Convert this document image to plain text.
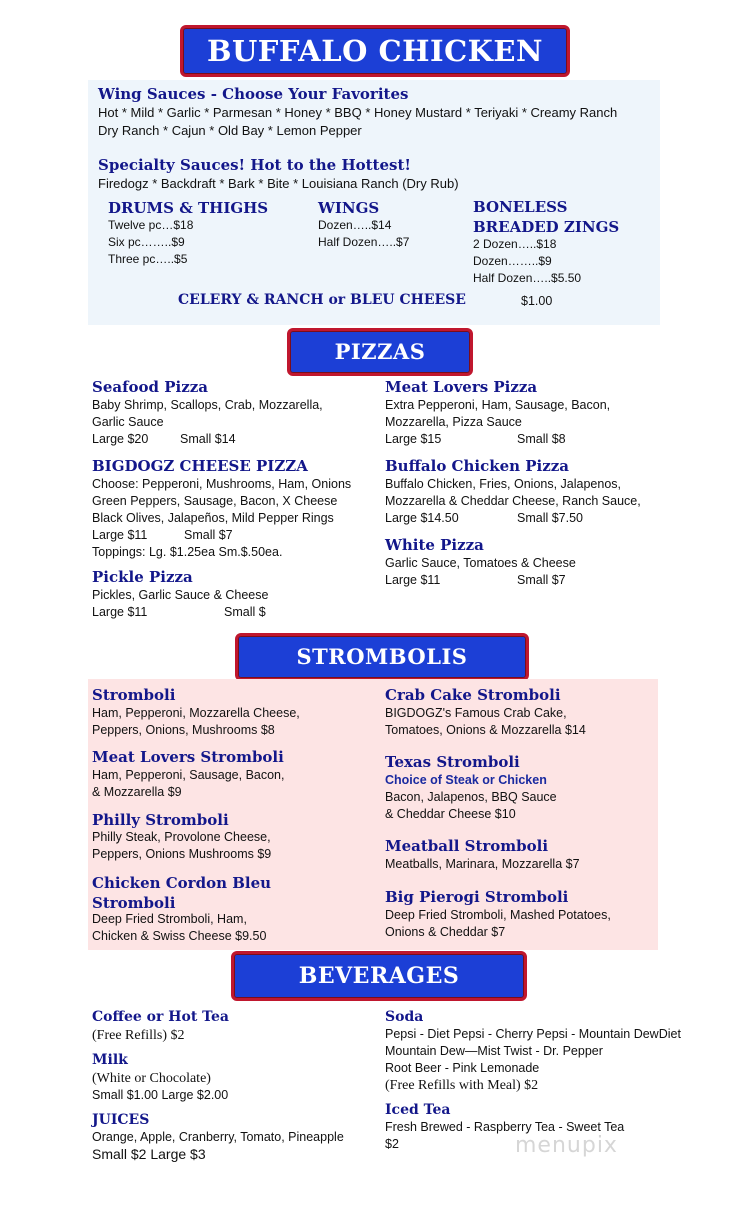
BUFFALO CHICKEN
Wing Sauces - Choose Your Favorites
Hot * Mild * Garlic * Parmesan * Honey * BBQ * Honey Mustard * Teriyaki * Creamy Ranch
Dry Ranch * Cajun * Old Bay * Lemon Pepper
Specialty Sauces! Hot to the Hottest!
Firedogz * Backdraft * Bark * Bite * Louisiana Ranch (Dry Rub)
DRUMS & THIGHS
Twelve pc…$18
Six pc……..$9
Three pc…..$5
WINGS
Dozen…..$14
Half Dozen…..$7
BONELESS
BREADED ZINGS
2 Dozen…..$18
Dozen……..$9
Half Dozen…..$5.50
CELERY & RANCH or BLEU CHEESE	$1.00
PIZZAS
Seafood Pizza
Baby Shrimp, Scallops, Crab, Mozzarella,
Garlic Sauce
Large $20	Small $14
BIGDOGZ CHEESE PIZZA
Choose: Pepperoni, Mushrooms, Ham, Onions
Green Peppers, Sausage, Bacon, X Cheese
Black Olives, Jalapeños, Mild Pepper Rings
Large $11	Small $7
Toppings: Lg. $1.25ea Sm.$.50ea.
Pickle Pizza
Pickles, Garlic Sauce & Cheese
Large $11	Small $
Meat Lovers Pizza
Extra Pepperoni, Ham, Sausage, Bacon,
Mozzarella, Pizza Sauce
Large $15	Small $8
Buffalo Chicken Pizza
Buffalo Chicken, Fries, Onions, Jalapenos,
Mozzarella & Cheddar Cheese, Ranch Sauce,
Large $14.50	Small $7.50
White Pizza
Garlic Sauce, Tomatoes & Cheese
Large $11	Small $7
STROMBOLIS
Stromboli
Ham, Pepperoni, Mozzarella Cheese,
Peppers, Onions, Mushrooms $8
Meat Lovers Stromboli
Ham, Pepperoni, Sausage, Bacon,
& Mozzarella $9
Philly Stromboli
Philly Steak, Provolone Cheese,
Peppers, Onions Mushrooms $9
Chicken Cordon Bleu
Stromboli
Deep Fried Stromboli, Ham,
Chicken & Swiss Cheese $9.50
Crab Cake Stromboli
BIGDOGZ's Famous Crab Cake,
Tomatoes, Onions & Mozzarella $14
Texas Stromboli
Choice of Steak or Chicken
Bacon, Jalapenos, BBQ Sauce
& Cheddar Cheese $10
Meatball Stromboli
Meatballs, Marinara, Mozzarella $7
Big Pierogi Stromboli
Deep Fried Stromboli, Mashed Potatoes,
Onions & Cheddar $7
BEVERAGES
Coffee or Hot Tea
(Free Refills) $2
Milk
(White or Chocolate)
Small $1.00 Large $2.00
JUICES
Orange, Apple, Cranberry, Tomato, Pineapple
Small $2 Large $3
Soda
Pepsi - Diet Pepsi - Cherry Pepsi - Mountain DewDiet
Mountain Dew—Mist Twist - Dr. Pepper
Root Beer - Pink Lemonade
(Free Refills with Meal) $2
Iced Tea
Fresh Brewed - Raspberry Tea - Sweet Tea
$2	menupix
